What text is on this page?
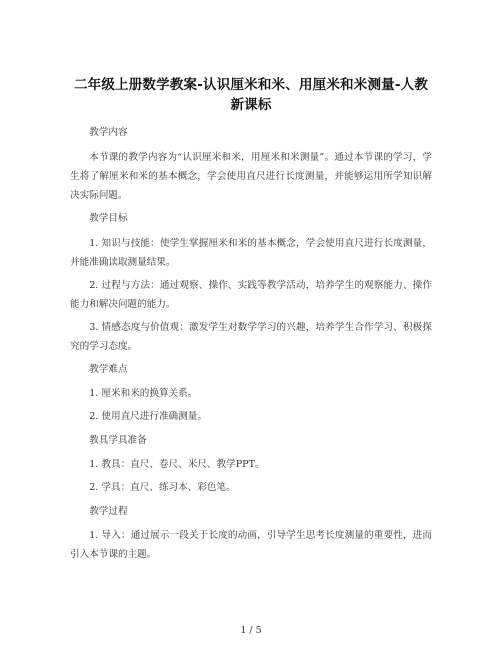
二年级上册数学教案-认识厘米和米、用厘米和米测量-人教新课标
教学内容
本节课的教学内容为“认识厘米和米，用厘米和米测量”。通过本节课的学习，学生将了解厘米和米的基本概念，学会使用直尺进行长度测量，并能够运用所学知识解决实际问题。
教学目标
1. 知识与技能：使学生掌握厘米和米的基本概念，学会使用直尺进行长度测量，并能准确读取测量结果。
2. 过程与方法：通过观察、操作、实践等教学活动，培养学生的观察能力、操作能力和解决问题的能力。
3. 情感态度与价值观：激发学生对数学学习的兴趣，培养学生合作学习、积极探究的学习态度。
教学难点
1. 厘米和米的换算关系。
2. 使用直尺进行准确测量。
教具学具准备
1. 教具：直尺、卷尺、米尺、教学PPT。
2. 学具：直尺、练习本、彩色笔。
教学过程
1. 导入：通过展示一段关于长度的动画，引导学生思考长度测量的重要性，进而引入本节课的主题。
1 / 5
